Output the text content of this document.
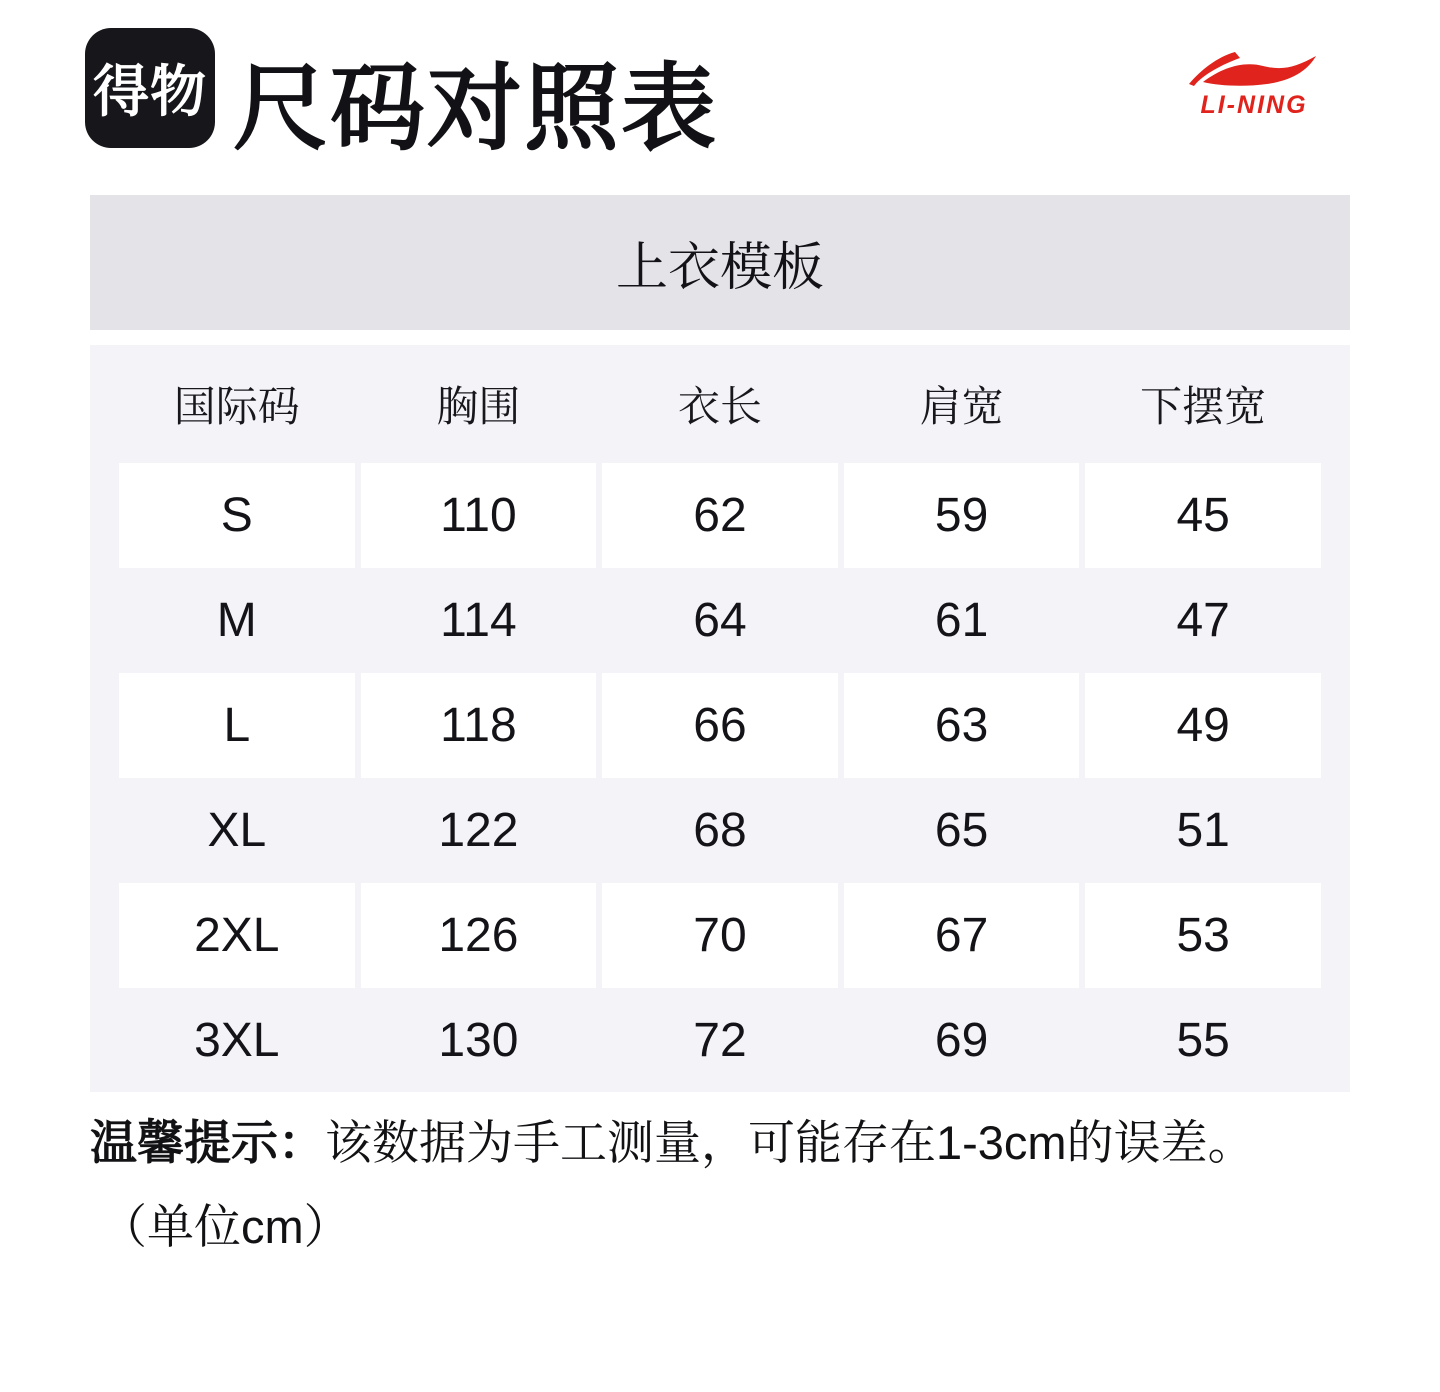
得物 尺码对照表	LI-NING
上衣模板
国际码	胸围	衣长	肩宽	下摆宽
S	110	62	59	45
M	114	64	61	47
L	118	66	63	49
XL	122	68	65	51
2XL	126	70	67	53
3XL	130	72	69	55

温馨提示：该数据为手工测量，可能存在1-3cm的误差。

（单位cm）
